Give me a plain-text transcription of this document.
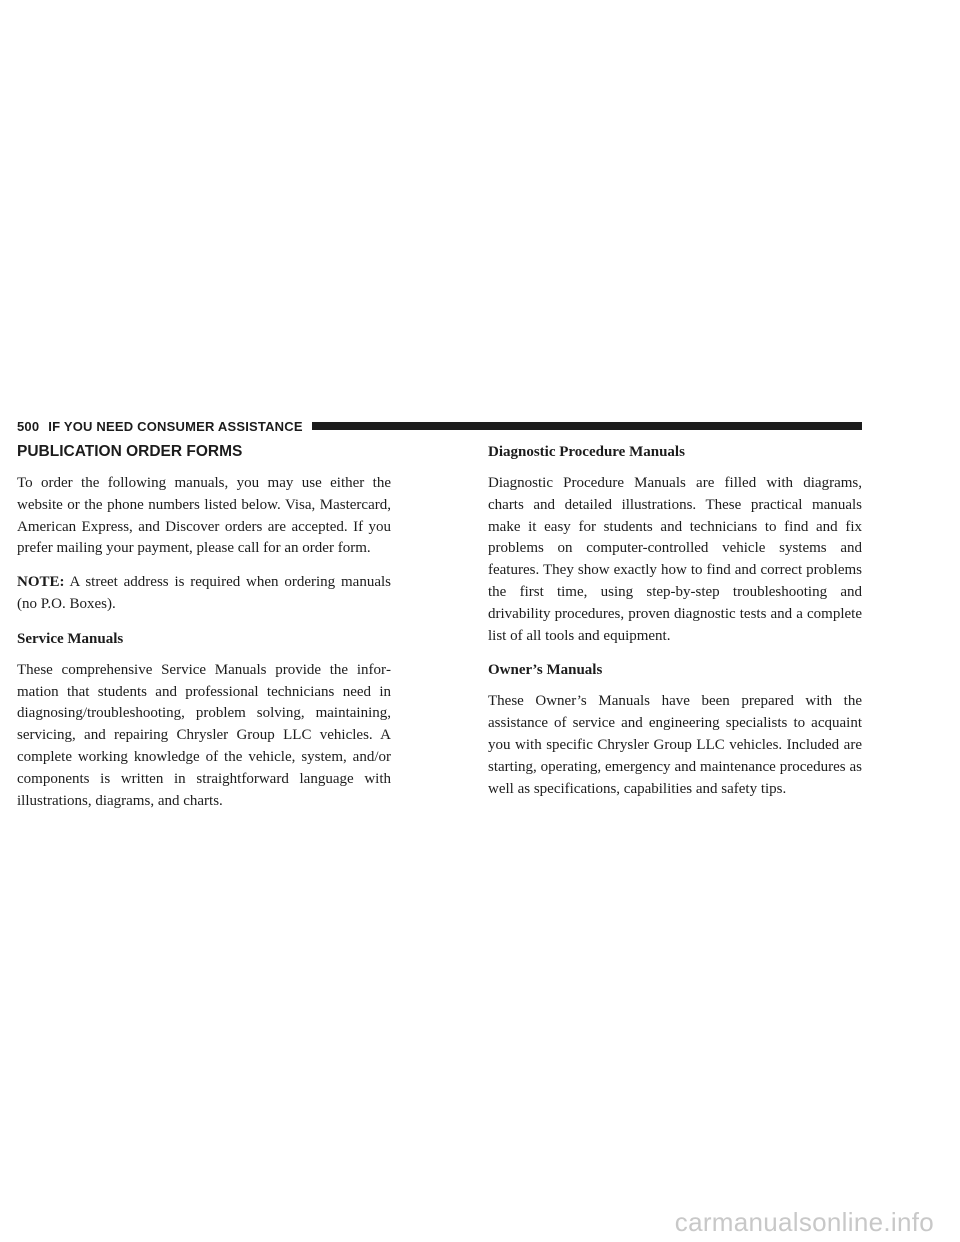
500 IF YOU NEED CONSUMER ASSISTANCE
PUBLICATION ORDER FORMS

To order the following manuals, you may use either the website or the phone numbers listed below. Visa, Mastercard, American Express, and Discover orders are accepted. If you prefer mailing your payment, please call for an order form.

NOTE: A street address is required when ordering manuals (no P.O. Boxes).

Service Manuals

These comprehensive Service Manuals provide the information that students and professional technicians need in diagnosing/troubleshooting, problem solving, maintaining, servicing, and repairing Chrysler Group LLC vehicles. A complete working knowledge of the vehicle, system, and/or components is written in straightforward language with illustrations, diagrams, and charts.

Diagnostic Procedure Manuals

Diagnostic Procedure Manuals are filled with diagrams, charts and detailed illustrations. These practical manuals make it easy for students and technicians to find and fix problems on computer-controlled vehicle systems and features. They show exactly how to find and correct problems the first time, using step-by-step troubleshooting and drivability procedures, proven diagnostic tests and a complete list of all tools and equipment.

Owner’s Manuals

These Owner’s Manuals have been prepared with the assistance of service and engineering specialists to acquaint you with specific Chrysler Group LLC vehicles. Included are starting, operating, emergency and maintenance procedures as well as specifications, capabilities and safety tips.

carmanualsonline.info
